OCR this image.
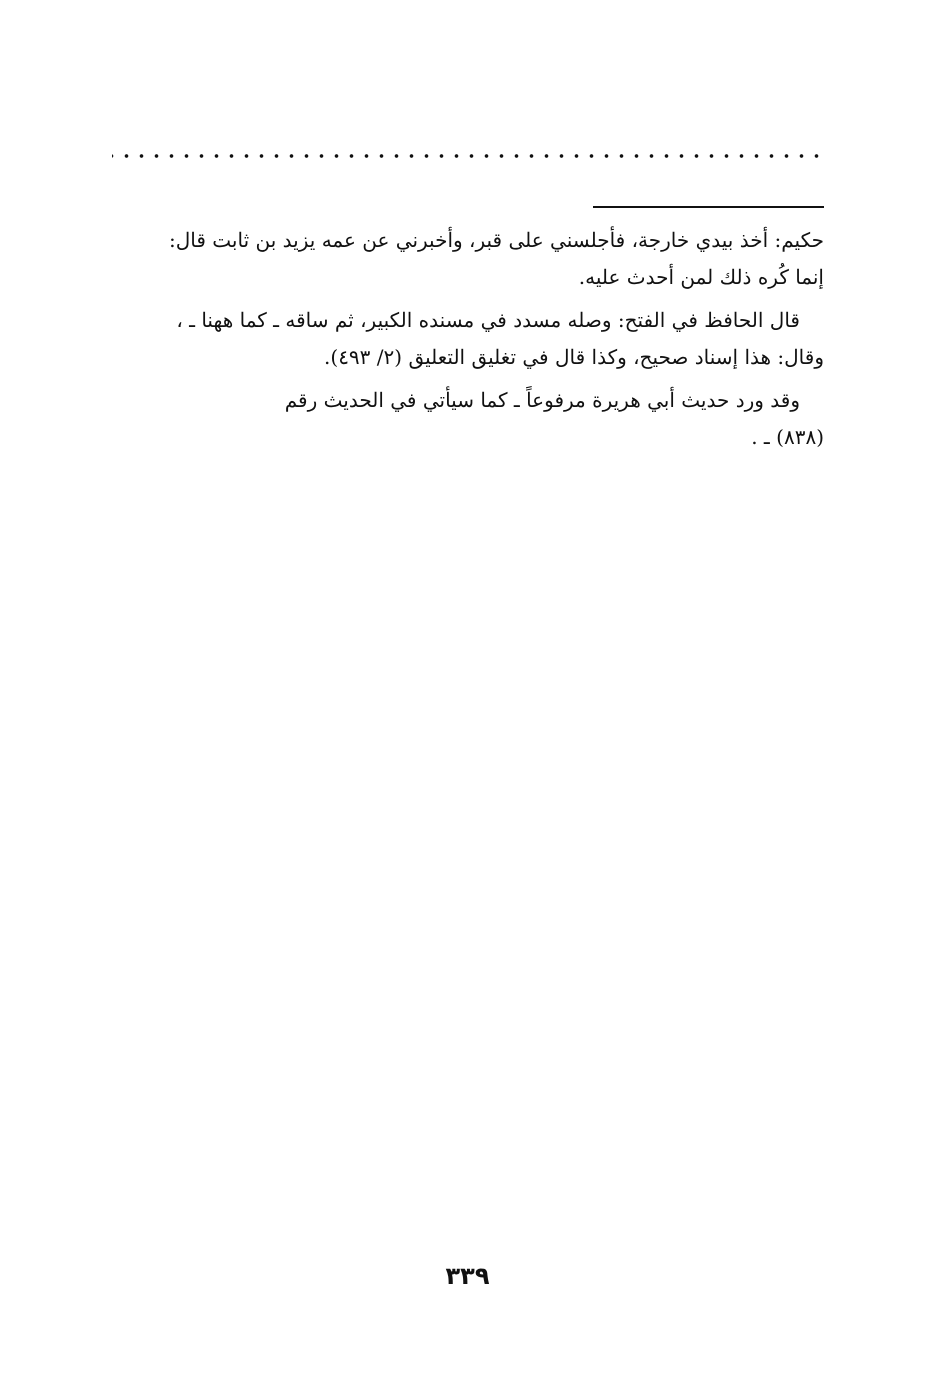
حكيم: أخذ بيدي خارجة، فأجلسني على قبر، وأخبرني عن عمه يزيد بن ثابت قال:
إنما كُره ذلك لمن أحدث عليه.

قال الحافظ في الفتح: وصله مسدد في مسنده الكبير، ثم ساقه ـ كما ههنا ـ ،
وقال: هذا إسناد صحيح، وكذا قال في تغليق التعليق (٢/ ٤٩٣).

وقد ورد حديث أبي هريرة مرفوعاً ـ كما سيأتي في الحديث رقم
(٨٣٨) ـ .

٣٣٩
